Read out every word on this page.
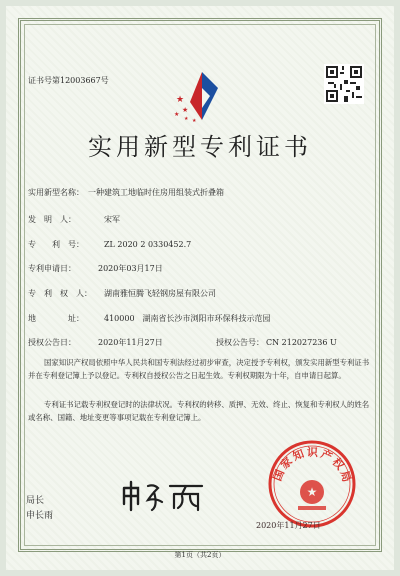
证书号第12003667号
★
★
★
★ ★
实用新型专利证书
实用新型名称： 一种建筑工地临时住房用组装式折叠箱
发　明　人：	宋军
专　　利　号：	ZL 2020 2 0330452.7
专利申请日：	2020年03月17日
专　利　权　人： 湖南雅恒腾飞轻钢房屋有限公司
地　　　　址：	410000　湖南省长沙市浏阳市环保科技示范园
授权公告日：	2020年11月27日	授权公告号： CN 212027236 U
国家知识产权局依照中华人民共和国专利法经过初步审查，决定授予专利权，颁发实用新型专利证书并在专利登记簿上予以登记。专利权自授权公告之日起生效。专利权期限为十年，自申请日起算。
专利证书记载专利权登记时的法律状况。专利权的转移、质押、无效、终止、恢复和专利权人的姓名或名称、国籍、地址变更等事项记载在专利登记簿上。
国家知识产权局
★
局长
申长雨
2020年11月27日
第1页（共2页）
